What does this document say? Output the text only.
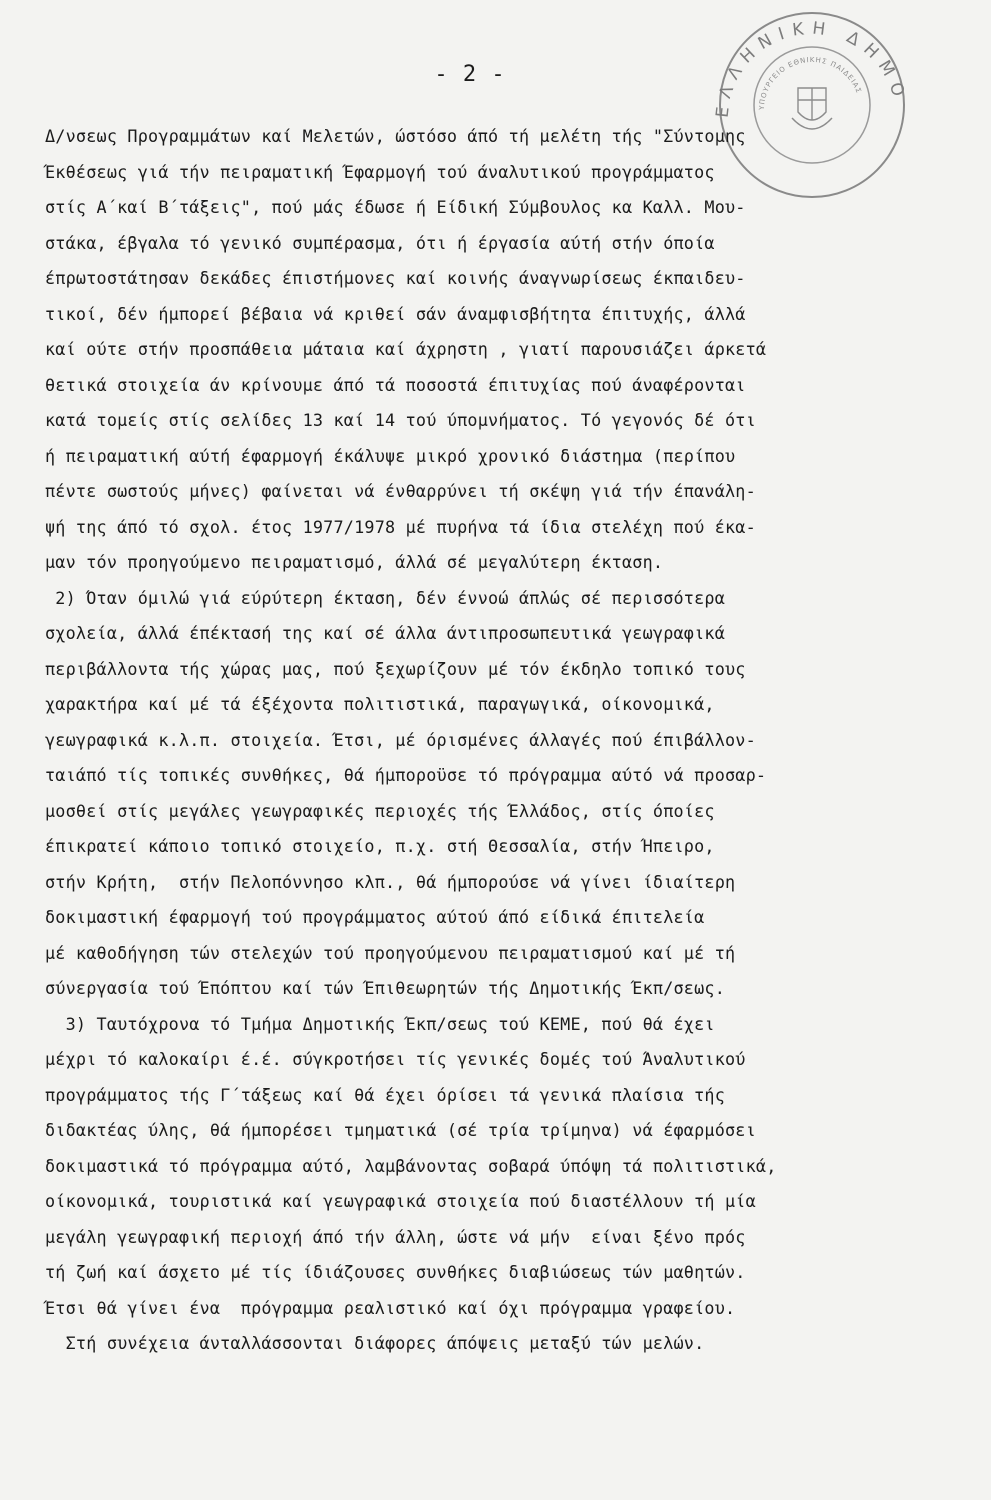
ΕΛΛΗΝΙΚΗ ΔΗΜΟ
ΥΠΟΥΡΓΕΙΟ ΕΘΝΙΚΗΣ ΠΑΙΔΕΙΑΣ
- 2 -
Δ/νσεως Προγραμμάτων καί Μελετών, ώστόσο άπό τή μελέτη τής "Σύντομης
Έκθέσεως γιά τήν πειραματική Έφαρμογή τού άναλυτικού προγράμματος
στίς Α΄καί Β΄τάξεις", πού μάς έδωσε ή Είδική Σύμβουλος κα Καλλ. Μου-
στάκα, έβγαλα τό γενικό συμπέρασμα, ότι ή έργασία αύτή στήν όποία
έπρωτοστάτησαν δεκάδες έπιστήμονες καί κοινής άναγνωρίσεως έκπαιδευ-
τικοί, δέν ήμπορεί βέβαια νά κριθεί σάν άναμφισβήτητα έπιτυχής, άλλά
καί ούτε στήν προσπάθεια μάταια καί άχρηστη , γιατί παρουσιάζει άρκετά
θετικά στοιχεία άν κρίνουμε άπό τά ποσοστά έπιτυχίας πού άναφέρονται
κατά τομείς στίς σελίδες 13 καί 14 τού ύπομνήματος. Τό γεγονός δέ ότι
ή πειραματική αύτή έφαρμογή έκάλυψε μικρό χρονικό διάστημα (περίπου
πέντε σωστούς μήνες) φαίνεται νά ένθαρρύνει τή σκέψη γιά τήν έπανάλη-
ψή της άπό τό σχολ. έτος 1977/1978 μέ πυρήνα τά ίδια στελέχη πού έκα-
μαν τόν προηγούμενο πειραματισμό, άλλά σέ μεγαλύτερη έκταση.
2) Όταν όμιλώ γιά εύρύτερη έκταση, δέν έννοώ άπλώς σέ περισσότερα
σχολεία, άλλά έπέκτασή της καί σέ άλλα άντιπροσωπευτικά γεωγραφικά
περιβάλλοντα τής χώρας μας, πού ξεχωρίζουν μέ τόν έκδηλο τοπικό τους
χαρακτήρα καί μέ τά έξέχοντα πολιτιστικά, παραγωγικά, οίκονομικά,
γεωγραφικά κ.λ.π. στοιχεία. Έτσι, μέ όρισμένες άλλαγές πού έπιβάλλον-
ταιάπό τίς τοπικές συνθήκες, θά ήμποροϋσε τό πρόγραμμα αύτό νά προσαρ-
μοσθεί στίς μεγάλες γεωγραφικές περιοχές τής Έλλάδος, στίς όποίες
έπικρατεί κάποιο τοπικό στοιχείο, π.χ. στή Θεσσαλία, στήν Ήπειρο,
στήν Κρήτη,  στήν Πελοπόννησο κλπ., θά ήμπορούσε νά γίνει ίδιαίτερη
δοκιμαστική έφαρμογή τού προγράμματος αύτού άπό είδικά έπιτελεία
μέ καθοδήγηση τών στελεχών τού προηγούμενου πειραματισμού καί μέ τή
σύνεργασία τού Έπόπτου καί τών Έπιθεωρητών τής Δημοτικής Έκπ/σεως.
3) Ταυτόχρονα τό Τμήμα Δημοτικής Έκπ/σεως τού ΚΕΜΕ, πού θά έχει
μέχρι τό καλοκαίρι έ.έ. σύγκροτήσει τίς γενικές δομές τού Άναλυτικού
προγράμματος τής Γ΄τάξεως καί θά έχει όρίσει τά γενικά πλαίσια τής
διδακτέας ύλης, θά ήμπορέσει τμηματικά (σέ τρία τρίμηνα) νά έφαρμόσει
δοκιμαστικά τό πρόγραμμα αύτό, λαμβάνοντας σοβαρά ύπόψη τά πολιτιστικά,
οίκονομικά, τουριστικά καί γεωγραφικά στοιχεία πού διαστέλλουν τή μία
μεγάλη γεωγραφική περιοχή άπό τήν άλλη, ώστε νά μήν  είναι ξένο πρός
τή ζωή καί άσχετο μέ τίς ίδιάζουσες συνθήκες διαβιώσεως τών μαθητών.
Έτσι θά γίνει ένα  πρόγραμμα ρεαλιστικό καί όχι πρόγραμμα γραφείου.
Στή συνέχεια άνταλλάσσονται διάφορες άπόψεις μεταξύ τών μελών.
